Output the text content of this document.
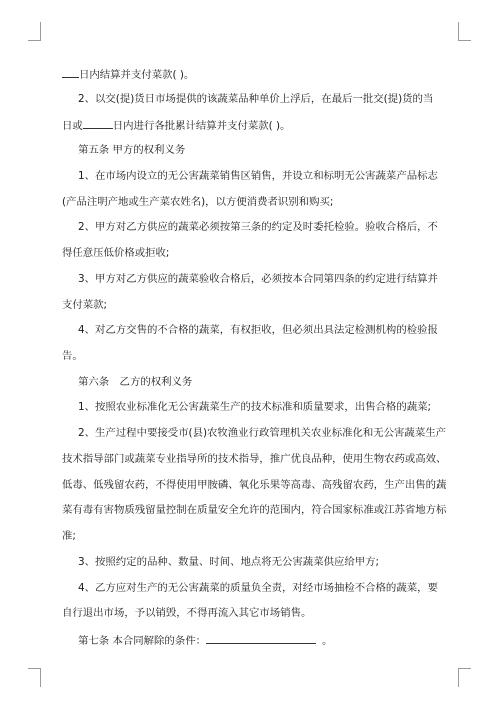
日内结算并支付菜款( )。
2、以交(提)货日市场提供的该蔬菜品种单价上浮后，在最后一批交(提)货的当
日或	日内进行各批累计结算并支付菜款( )。
第五条 甲方的权利义务
1、在市场内设立的无公害蔬菜销售区销售，并设立和标明无公害蔬菜产品标志
(产品注明产地或生产菜农姓名)，以方便消费者识别和购买;
2、甲方对乙方供应的蔬菜必须按第三条的约定及时委托检验。验收合格后，不
得任意压低价格或拒收;
3、甲方对乙方供应的蔬菜验收合格后，必须按本合同第四条的约定进行结算并
支付菜款;
4、对乙方交售的不合格的蔬菜，有权拒收，但必须出具法定检测机构的检验报
告。
第六条　乙方的权利义务
1、按照农业标准化无公害蔬菜生产的技术标准和质量要求，出售合格的蔬菜;
2、生产过程中要接受市(县)农牧渔业行政管理机关农业标准化和无公害蔬菜生产
技术指导部门或蔬菜专业指导所的技术指导，推广优良品种，使用生物农药或高效、
低毒、低残留农药，不得使用甲胺磷、氧化乐果等高毒、高残留农药，生产出售的蔬
菜有毒有害物质残留量控制在质量安全允许的范围内，符合国家标准或江苏省地方标
准;
3、按照约定的品种、数量、时间、地点将无公害蔬菜供应给甲方;
4、乙方应对生产的无公害蔬菜的质量负全责，对经市场抽检不合格的蔬菜，要
自行退出市场，予以销毁，不得再流入其它市场销售。
第七条 本合同解除的条件：	。
